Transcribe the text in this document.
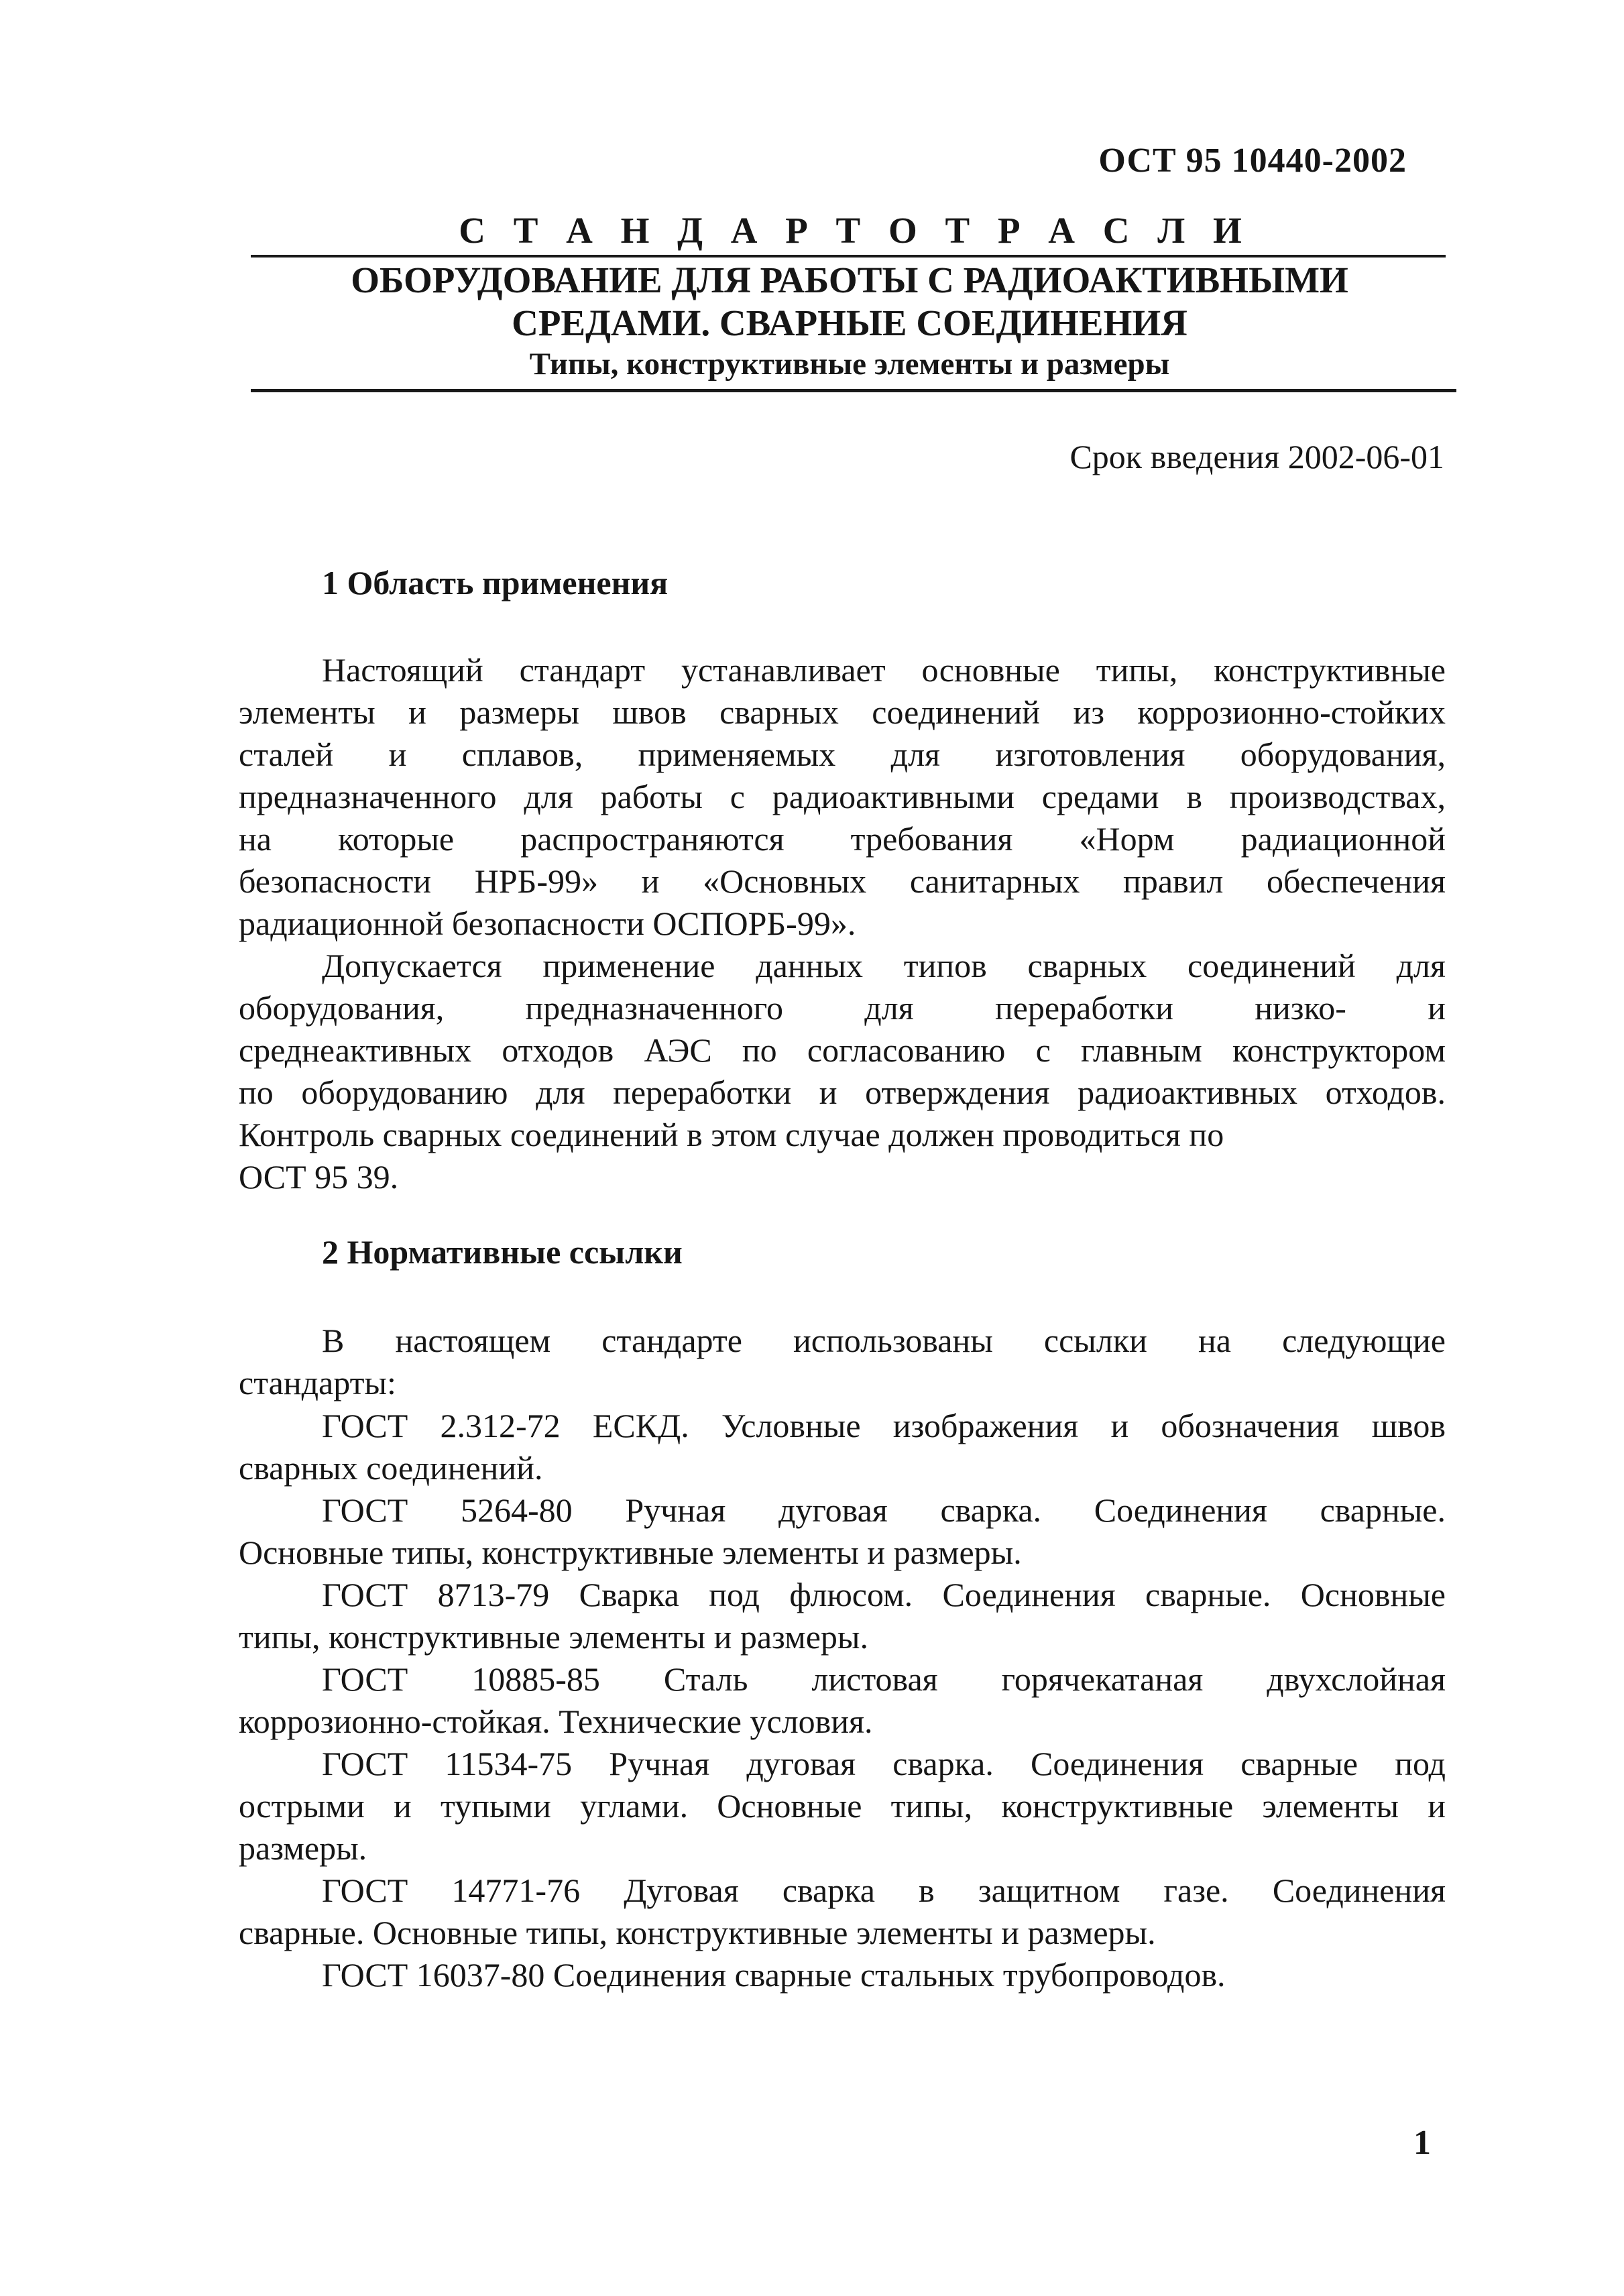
ОСТ 95 10440-2002
С Т А Н Д А Р Т О Т Р А С Л И
ОБОРУДОВАНИЕ ДЛЯ РАБОТЫ С РАДИОАКТИВНЫМИ
СРЕДАМИ. СВАРНЫЕ СОЕДИНЕНИЯ
Типы, конструктивные элементы и размеры
Срок введения 2002-06-01
1 Область применения
Настоящий стандарт устанавливает основные типы, конструктивные
элементы и размеры швов сварных соединений из коррозионно-стойких
сталей и сплавов, применяемых для изготовления оборудования,
предназначенного для работы с радиоактивными средами в производствах,
на которые распространяются требования «Норм радиационной
безопасности НРБ-99» и «Основных санитарных правил обеспечения
радиационной безопасности ОСПОРБ-99».
Допускается применение данных типов сварных соединений для
оборудования, предназначенного для переработки низко- и
среднеактивных отходов АЭС по согласованию с главным конструктором
по оборудованию для переработки и отверждения радиоактивных отходов.
Контроль сварных соединений в этом случае должен проводиться по
ОСТ 95 39.
2 Нормативные ссылки
В настоящем стандарте использованы ссылки на следующие
стандарты:
ГОСТ 2.312-72 ЕСКД. Условные изображения и обозначения швов
сварных соединений.
ГОСТ 5264-80 Ручная дуговая сварка. Соединения сварные.
Основные типы, конструктивные элементы и размеры.
ГОСТ 8713-79 Сварка под флюсом. Соединения сварные. Основные
типы, конструктивные элементы и размеры.
ГОСТ 10885-85 Сталь листовая горячекатаная двухслойная
коррозионно-стойкая. Технические условия.
ГОСТ 11534-75 Ручная дуговая сварка. Соединения сварные под
острыми и тупыми углами. Основные типы, конструктивные элементы и
размеры.
ГОСТ 14771-76 Дуговая сварка в защитном газе. Соединения
сварные. Основные типы, конструктивные элементы и размеры.
ГОСТ 16037-80 Соединения сварные стальных трубопроводов.
1
